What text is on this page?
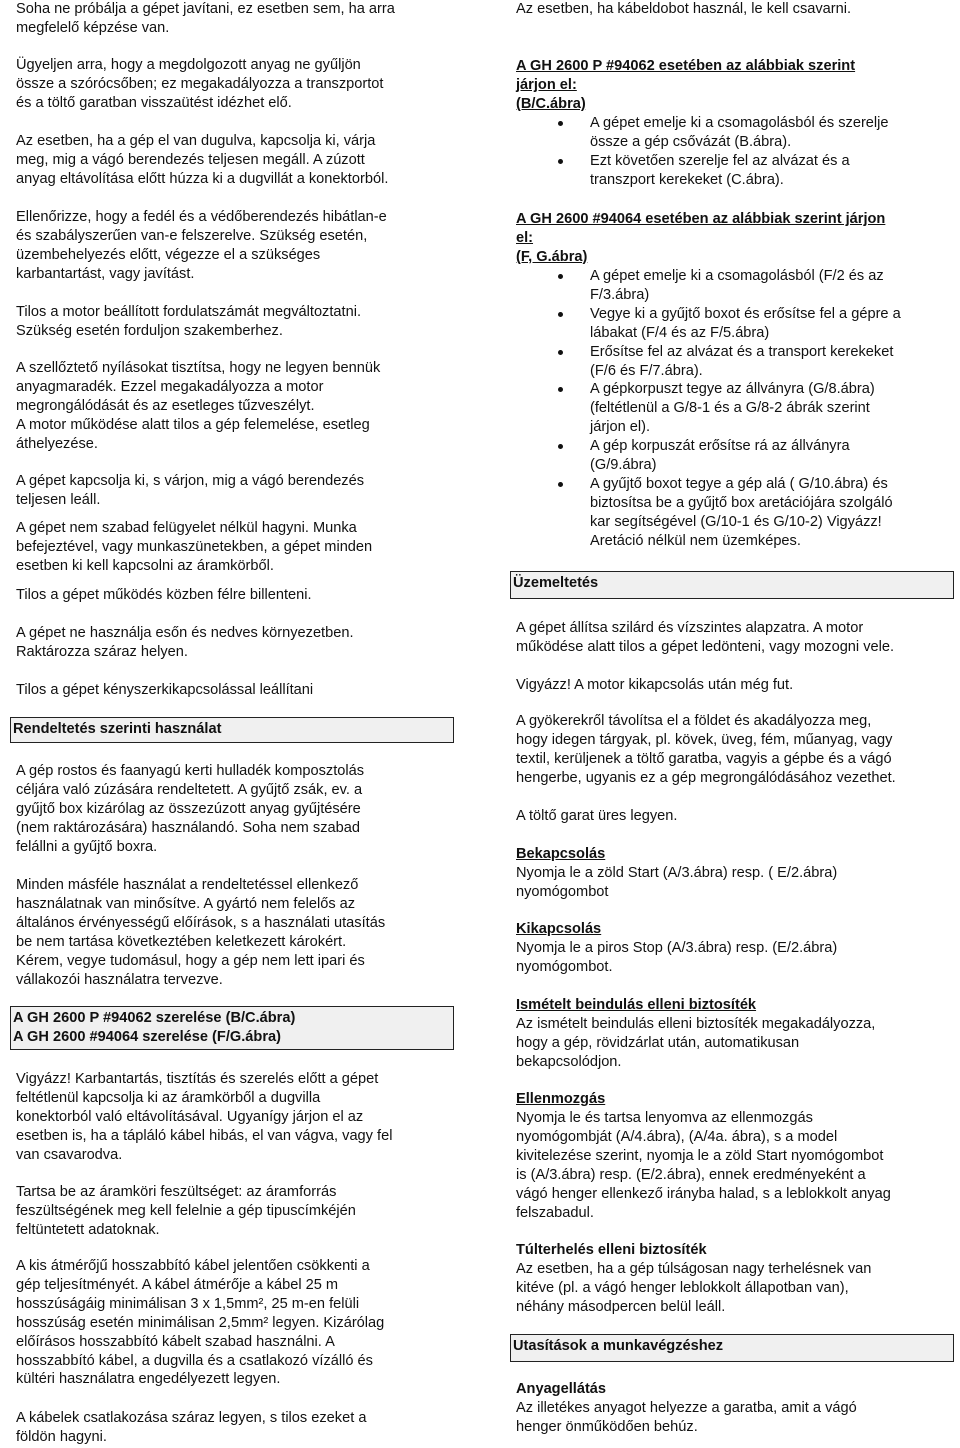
Soha ne próbálja a gépet javítani, ez esetben sem, ha arra
megfelelő képzése van.
Ügyeljen arra, hogy a megdolgozott anyag ne gyűljön
össze a szórócsőben; ez megakadályozza a transzportot
és a töltő garatban visszaütést idézhet elő.
Az esetben, ha a gép el van dugulva, kapcsolja ki, várja
meg, mig a vágó berendezés teljesen megáll. A zúzott
anyag eltávolítása előtt húzza ki a dugvillát a konektorból.
Ellenőrizze, hogy a fedél és a védőberendezés hibátlan-e
és szabályszerűen van-e felszerelve. Szükség esetén,
üzembehelyezés előtt, végezze el a szükséges
karbantartást, vagy javítást.
Tilos a motor beállított fordulatszámát megváltoztatni.
Szükség esetén forduljon szakemberhez.
A szellőztető nyílásokat tisztítsa, hogy ne legyen bennük
anyagmaradék. Ezzel megakadályozza a motor
megrongálódását és az esetleges tűzveszélyt.
A motor működése alatt tilos a gép felemelése, esetleg
áthelyezése.
A gépet kapcsolja ki, s várjon, mig a vágó berendezés
teljesen leáll.
A gépet nem szabad felügyelet nélkül hagyni. Munka
befejeztével, vagy munkaszünetekben, a gépet minden
esetben ki kell kapcsolni az áramkörből.
Tilos a gépet működés közben félre billenteni.
A gépet ne használja esőn és nedves környezetben.
Raktározza száraz helyen.
Tilos a gépet kényszerkikapcsolással leállítani
Rendeltetés szerinti használat
A gép rostos és faanyagú kerti hulladék komposztolás
céljára való zúzására rendeltetett. A gyűjtő zsák, ev. a
gyűjtő box kizárólag az összezúzott anyag gyűjtésére
(nem raktározására) használandó. Soha nem szabad
felállni a gyűjtő boxra.
Minden másféle használat a rendeltetéssel ellenkező
használatnak van minősítve. A gyártó nem felelős az
általános érvényességű előírások, s a használati utasítás
be nem tartása következtében keletkezett károkért.
Kérem, vegye tudomásul, hogy a gép nem lett ipari és
vállakozói használatra tervezve.
A GH 2600 P #94062 szerelése (B/C.ábra)
A GH 2600 #94064 szerelése (F/G.ábra)
Vigyázz! Karbantartás, tisztítás és szerelés előtt a gépet
feltétlenül kapcsolja ki az áramkörből a dugvilla
konektorból való eltávolításával. Ugyanígy járjon el az
esetben is, ha a tápláló kábel hibás, el van vágva, vagy fel
van csavarodva.
Tartsa be az áramköri feszültséget: az áramforrás
feszültségének meg kell felelnie a gép tipuscímkéjén
feltüntetett adatoknak.
A kis átmérőjű hosszabbító kábel jelentően csökkenti a
gép teljesítményét. A kábel átmérője a kábel 25 m
hosszúságáig minimálisan 3 x 1,5mm², 25 m-en felüli
hosszúság esetén minimálisan 2,5mm² legyen. Kizárólag
előírásos hosszabbító kábelt szabad használni. A
hosszabbító kábel, a dugvilla és a csatlakozó vízálló és
kültéri használatra engedélyezett legyen.
A kábelek csatlakozása száraz legyen, s tilos ezeket a
földön hagyni.
Az esetben, ha kábeldobot használ, le kell csavarni.
A GH 2600 P #94062 esetében az alábbiak szerint
járjon el:
(B/C.ábra)
A gépet emelje ki a csomagolásból és szerelje
össze a gép csővázát (B.ábra).
Ezt követően szerelje fel az alvázat és a
transzport kerekeket (C.ábra).
A GH 2600 #94064 esetében az alábbiak szerint járjon
el:
(F, G.ábra)
A gépet emelje ki a csomagolásból (F/2 és az
F/3.ábra)
Vegye ki a gyűjtő boxot és erősítse fel a gépre a
lábakat (F/4 és az F/5.ábra)
Erősítse fel az alvázat és a transport kerekeket
(F/6 és F/7.ábra).
A gépkorpuszt tegye az állványra (G/8.ábra)
(feltétlenül a G/8-1 és a G/8-2 ábrák szerint
járjon el).
A gép korpuszát erősítse rá az állványra
(G/9.ábra)
A gyűjtő boxot tegye a gép alá ( G/10.ábra) és
biztosítsa be a gyűjtő box aretációjára szolgáló
kar segítségével (G/10-1 és G/10-2) Vigyázz!
Aretáció nélkül nem üzemképes.
Üzemeltetés
A gépet állítsa szilárd és vízszintes alapzatra. A motor
működése alatt tilos a gépet ledönteni, vagy mozogni vele.
Vigyázz! A motor kikapcsolás után még fut.
A gyökerekről távolítsa el a földet és akadályozza meg,
hogy idegen tárgyak, pl. kövek, üveg, fém, műanyag, vagy
textil, kerüljenek a töltő garatba, vagyis a gépbe és a vágó
hengerbe, ugyanis ez a gép megrongálódásához vezethet.
A töltő garat üres legyen.
Bekapcsolás
Nyomja le a zöld Start (A/3.ábra) resp. ( E/2.ábra)
nyomógombot
Kikapcsolás
Nyomja le a piros Stop (A/3.ábra) resp. (E/2.ábra)
nyomógombot.
Ismételt beindulás elleni biztosíték
Az ismételt beindulás elleni biztosíték megakadályozza,
hogy a gép, rövidzárlat után, automatikusan
bekapcsolódjon.
Ellenmozgás
Nyomja le és tartsa lenyomva az ellenmozgás
nyomógombját (A/4.ábra), (A/4a. ábra), s a model
kivitelezése szerint, nyomja le a zöld Start nyomógombot
is (A/3.ábra) resp. (E/2.ábra), ennek eredményeként a
vágó henger ellenkező irányba halad, s a leblokkolt anyag
felszabadul.
Túlterhelés elleni biztosíték
Az esetben, ha a gép túlságosan nagy terhelésnek van
kitéve (pl. a vágó henger leblokkolt állapotban van),
néhány másodpercen belül leáll.
Utasítások a munkavégzéshez
Anyagellátás
Az illetékes anyagot helyezze a garatba, amit a vágó
henger önműködően behúz.
